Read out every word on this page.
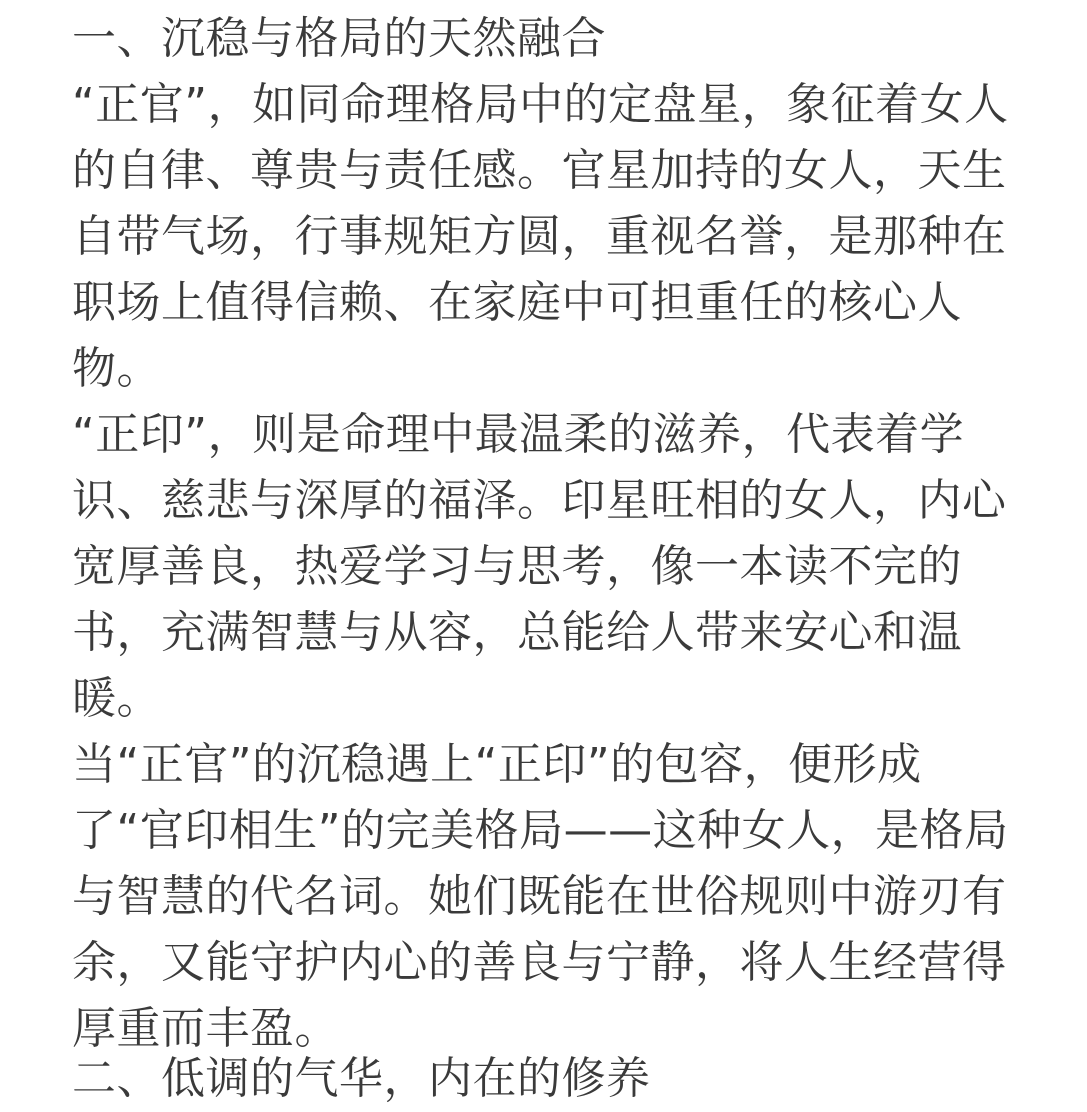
一、沉稳与格局的天然融合

“正官”，如同命理格局中的定盘星，象征着女人的自律、尊贵与责任感。官星加持的女人，天生自带气场，行事规矩方圆，重视名誉，是那种在职场上值得信赖、在家庭中可担重任的核心人物。

“正印”，则是命理中最温柔的滋养，代表着学识、慈悲与深厚的福泽。印星旺相的女人，内心宽厚善良，热爱学习与思考，像一本读不完的书，充满智慧与从容，总能给人带来安心和温暖。

当“正官”的沉稳遇上“正印”的包容，便形成了“官印相生”的完美格局——这种女人，是格局与智慧的代名词。她们既能在世俗规则中游刃有余，又能守护内心的善良与宁静，将人生经营得厚重而丰盈。

二、低调的气华，内在的修养
